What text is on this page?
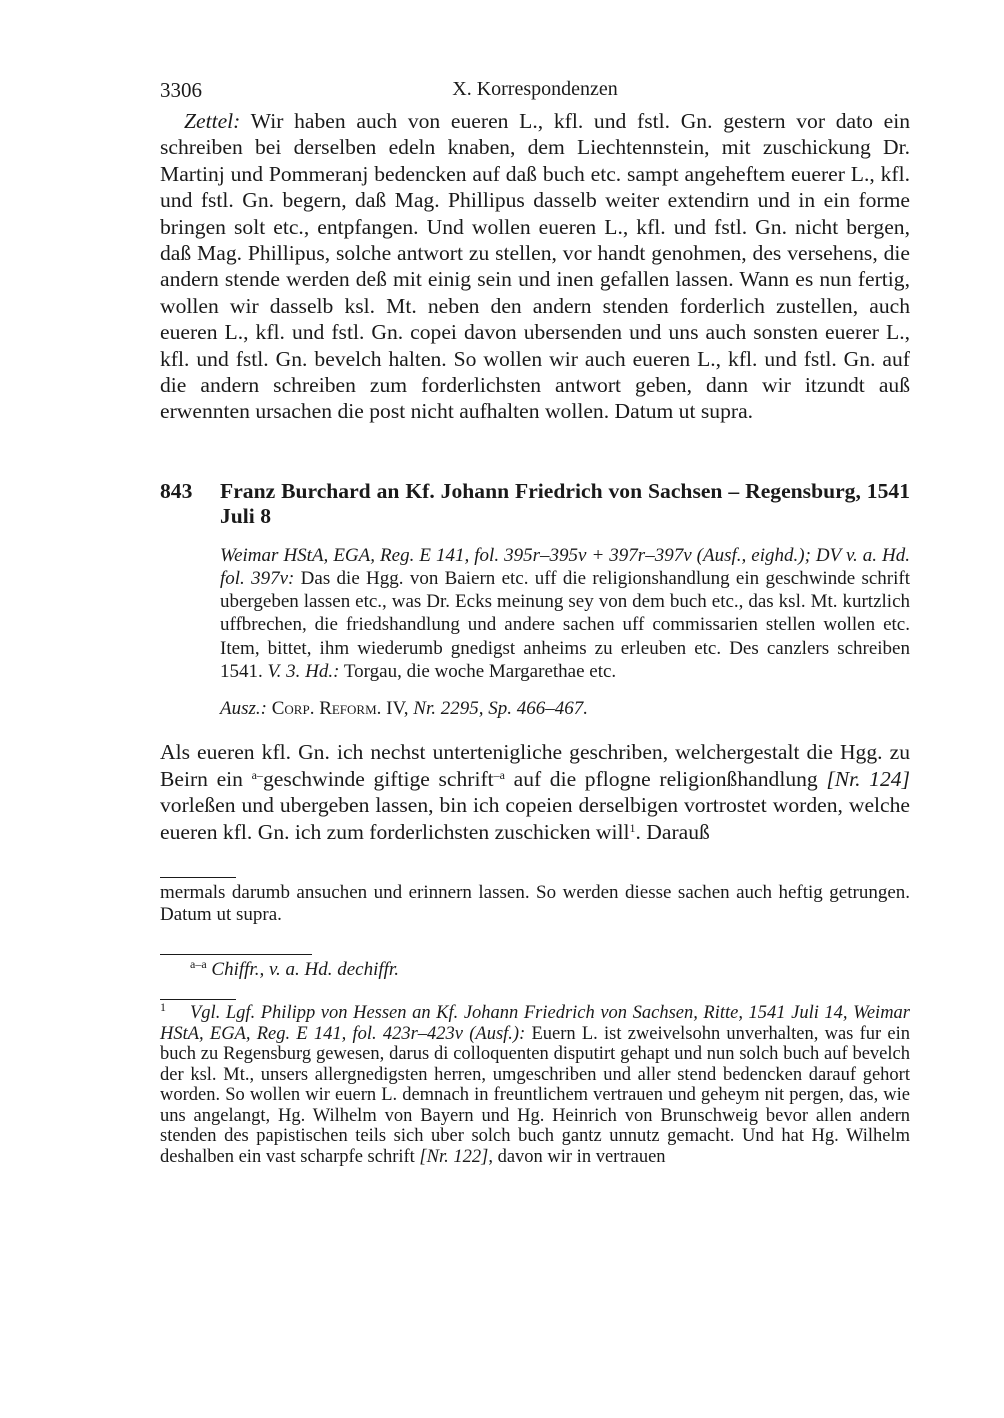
3306	X. Korrespondenzen

Zettel: Wir haben auch von eueren L., kfl. und fstl. Gn. gestern vor dato ein schreiben bei derselben edeln knaben, dem Liechtennstein, mit zuschickung Dr. Martinj und Pommeranj bedencken auf daß buch etc. sampt angeheftem euerer L., kfl. und fstl. Gn. begern, daß Mag. Phillipus dasselb weiter extendirn und in ein forme bringen solt etc., entpfangen. Und wollen eueren L., kfl. und fstl. Gn. nicht bergen, daß Mag. Phillipus, solche antwort zu stellen, vor handt genohmen, des versehens, die andern stende werden deß mit einig sein und inen gefallen lassen. Wann es nun fertig, wollen wir dasselb ksl. Mt. neben den andern stenden forderlich zustellen, auch eueren L., kfl. und fstl. Gn. copei davon ubersenden und uns auch sonsten euerer L., kfl. und fstl. Gn. bevelch halten. So wollen wir auch eueren L., kfl. und fstl. Gn. auf die andern schreiben zum forderlichsten antwort geben, dann wir itzundt auß erwennten ursachen die post nicht aufhalten wollen. Datum ut supra.

843	Franz Burchard an Kf. Johann Friedrich von Sachsen – Regensburg, 1541 Juli 8

Weimar HStA, EGA, Reg. E 141, fol. 395r–395v + 397r–397v (Ausf., eighd.); DV v. a. Hd. fol. 397v: Das die Hgg. von Baiern etc. uff die religionshandlung ein geschwinde schrift ubergeben lassen etc., was Dr. Ecks meinung sey von dem buch etc., das ksl. Mt. kurtzlich uffbrechen, die friedshandlung und andere sachen uff commissarien stellen wollen etc. Item, bittet, ihm wiederumb gnedigst anheims zu erleuben etc. Des canzlers schreiben 1541. V. 3. Hd.: Torgau, die woche Margarethae etc.

Ausz.: Corp. Reform. IV, Nr. 2295, Sp. 466–467.

Als eueren kfl. Gn. ich nechst untertenigliche geschriben, welchergestalt die Hgg. zu Beirn ein $^{a-}$geschwinde giftige schrift$^{-a}$ auf die pflogne religionßhandlung [Nr. 124] vorleßen und ubergeben lassen, bin ich copeien derselbigen vortrostet worden, welche eueren kfl. Gn. ich zum forderlichsten zuschicken will$^1$. Darauß

mermals darumb ansuchen und erinnern lassen. So werden diesse sachen auch heftig getrungen. Datum ut supra.

$^{a-a}$ Chiffr., v. a. Hd. dechiffr.

$^1$ Vgl. Lgf. Philipp von Hessen an Kf. Johann Friedrich von Sachsen, Ritte, 1541 Juli 14, Weimar HStA, EGA, Reg. E 141, fol. 423r–423v (Ausf.): Euern L. ist zweivelsohn unverhalten, was fur ein buch zu Regensburg gewesen, darus di colloquenten disputirt gehapt und nun solch buch auf bevelch der ksl. Mt., unsers allergnedigsten herren, umgeschriben und aller stend bedencken darauf gehort worden. So wollen wir euern L. demnach in freuntlichem vertrauen und geheym nit pergen, das, wie uns angelangt, Hg. Wilhelm von Bayern und Hg. Heinrich von Brunschweig bevor allen andern stenden des papistischen teils sich uber solch buch gantz unnutz gemacht. Und hat Hg. Wilhelm deshalben ein vast scharpfe schrift [Nr. 122], davon wir in vertrauen
